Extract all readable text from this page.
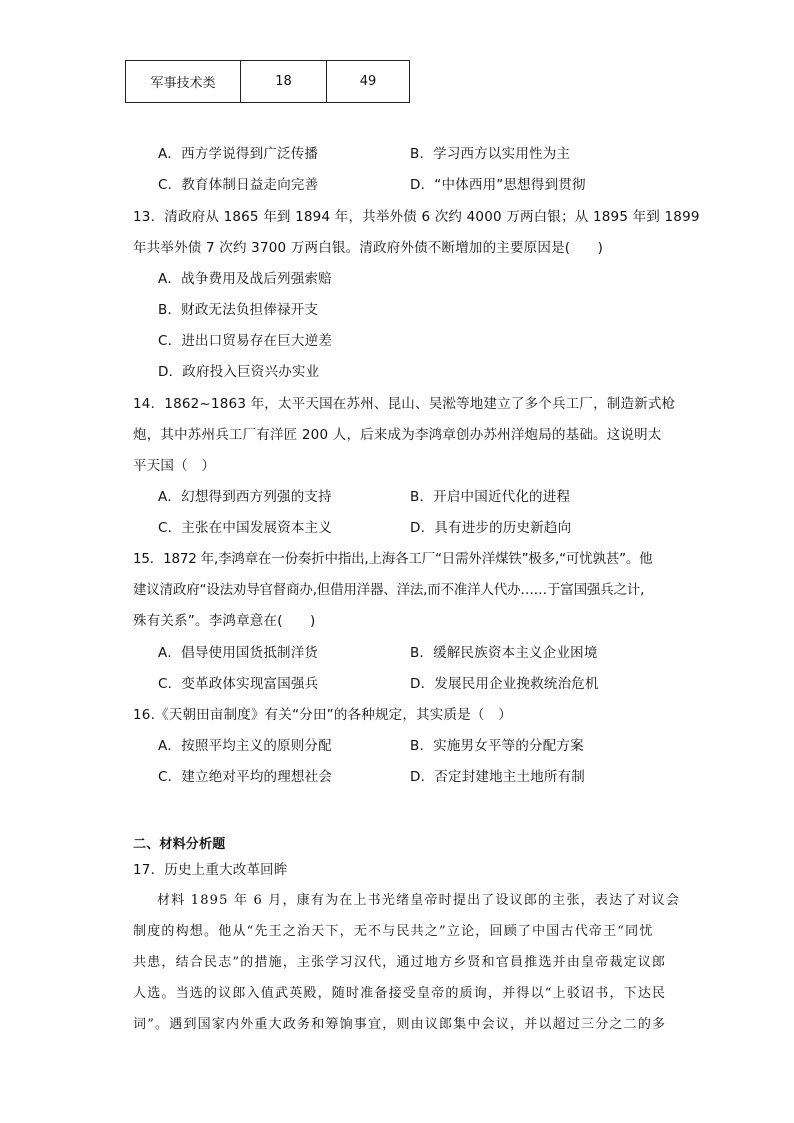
军事技术类	18	49
A．西方学说得到广泛传播	B．学习西方以实用性为主
C．教育体制日益走向完善	D．“中体西用”思想得到贯彻
13．清政府从 1865 年到 1894 年，共举外债 6 次约 4000 万两白银；从 1895 年到 1899
年共举外债 7 次约 3700 万两白银。清政府外债不断增加的主要原因是(　　)
A．战争费用及战后列强索赔
B．财政无法负担俸禄开支
C．进出口贸易存在巨大逆差
D．政府投入巨资兴办实业
14．1862~1863 年，太平天国在苏州、昆山、吴淞等地建立了多个兵工厂，制造新式枪
炮，其中苏州兵工厂有洋匠 200 人，后来成为李鸿章创办苏州洋炮局的基础。这说明太
平天国（　）
A．幻想得到西方列强的支持	B．开启中国近代化的进程
C．主张在中国发展资本主义	D．具有进步的历史新趋向
15．1872 年,李鸿章在一份奏折中指出,上海各工厂“日需外洋煤铁”极多,“可忧孰甚”。他
建议清政府“设法劝导官督商办,但借用洋器、洋法,而不准洋人代办……于富国强兵之计,
殊有关系”。李鸿章意在(　　)
A．倡导使用国货抵制洋货	B．缓解民族资本主义企业困境
C．变革政体实现富国强兵	D．发展民用企业挽救统治危机
16.《天朝田亩制度》有关“分田”的各种规定，其实质是（　）
A．按照平均主义的原则分配	B．实施男女平等的分配方案
C．建立绝对平均的理想社会	D．否定封建地主土地所有制
二、材料分析题
17．历史上重大改革回眸
材料 1895 年 6 月，康有为在上书光绪皇帝时提出了设议郎的主张，表达了对议会
制度的构想。他从“先王之治天下，无不与民共之”立论，回顾了中国古代帝王“同忧
共患，结合民志”的措施，主张学习汉代，通过地方乡贤和官員推选并由皇帝裁定议郎
人选。当选的议郎入值武英殿，随时准备接受皇帝的质询，并得以“上驳诏书，下达民
词”。遇到国家内外重大政务和筹饷事宜，则由议郎集中会议，并以超过三分之二的多
